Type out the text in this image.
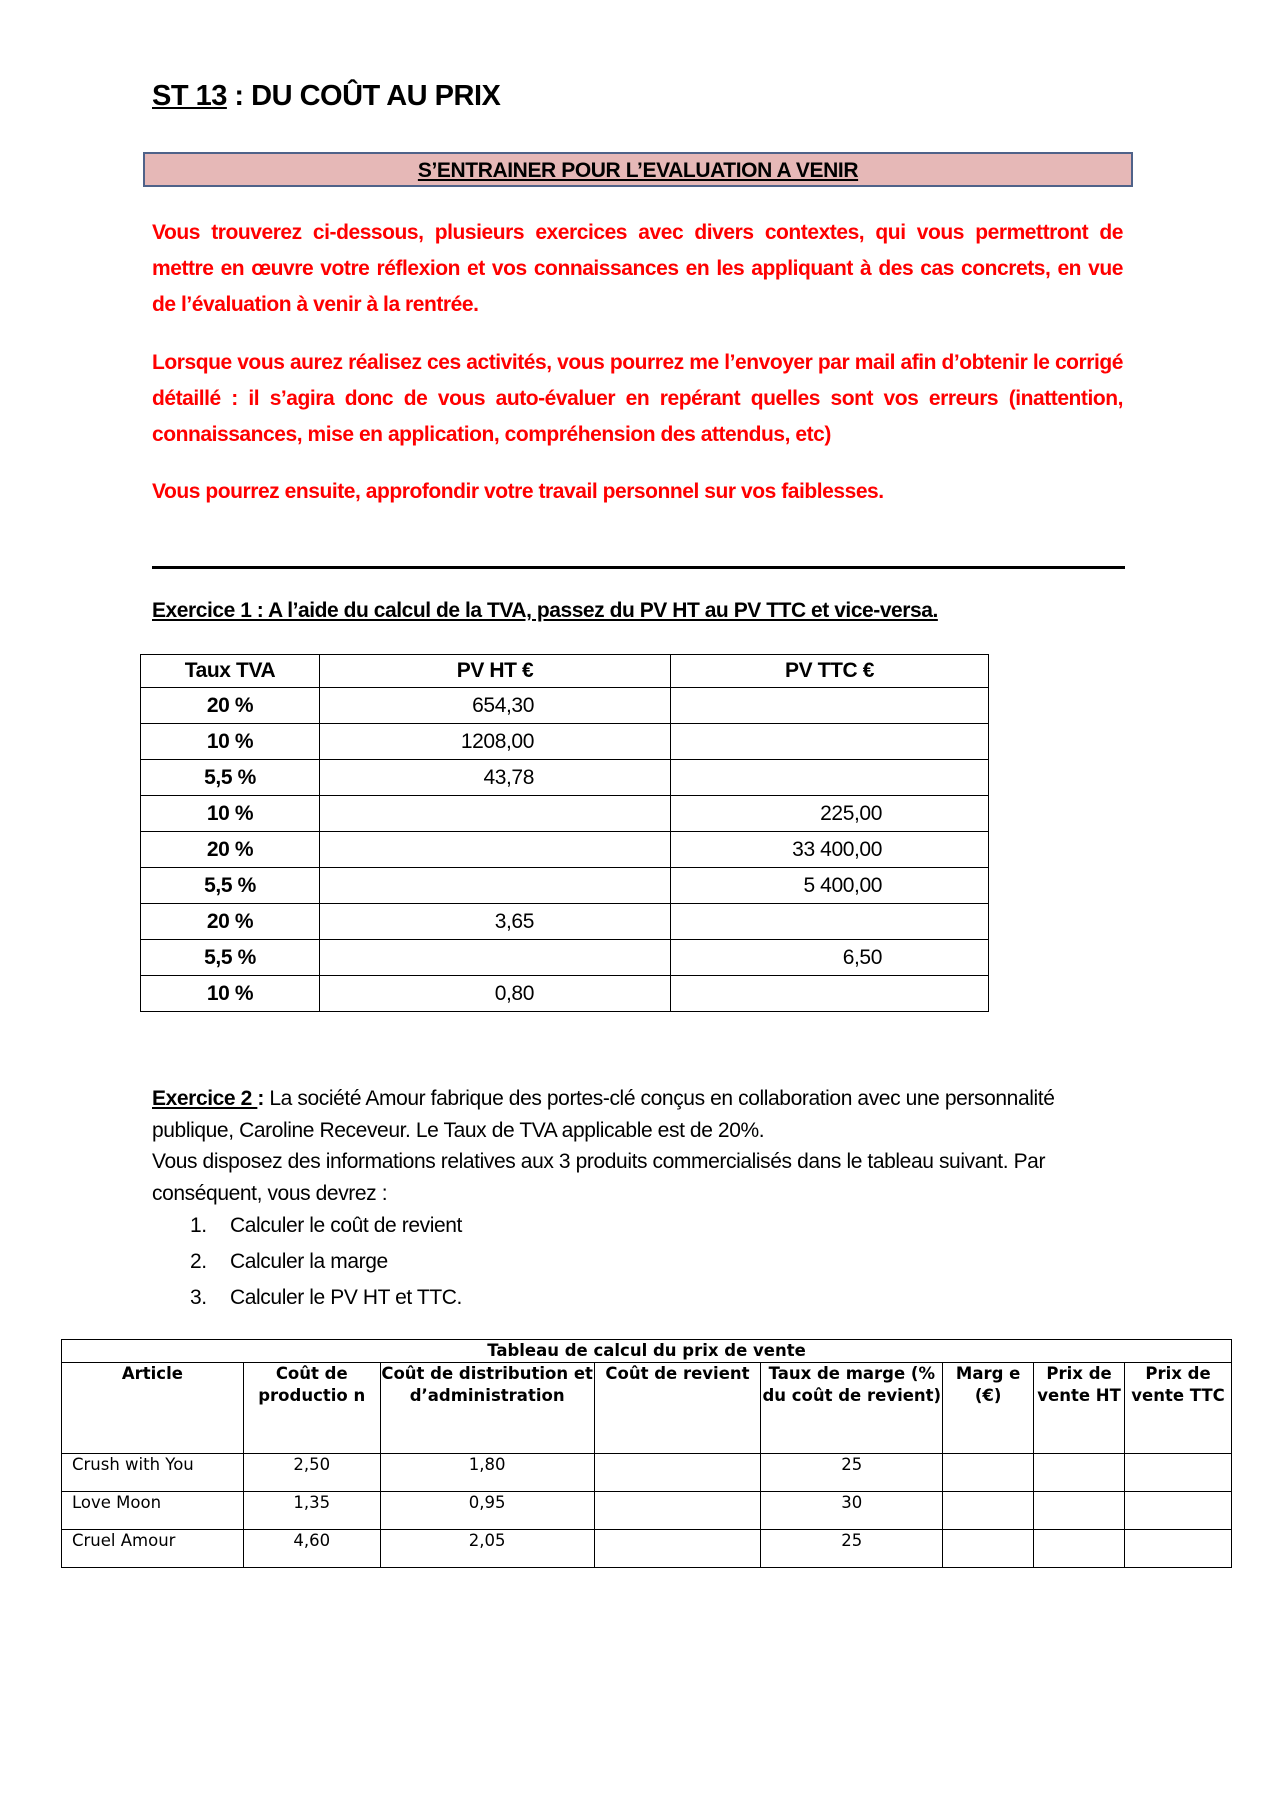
ST 13 : DU COÛT AU PRIX
S’ENTRAINER POUR L’EVALUATION A VENIR
Vous trouverez ci-dessous, plusieurs exercices avec divers contextes, qui vous permettront de mettre en œuvre votre réflexion et vos connaissances en les appliquant à des cas concrets, en vue de l’évaluation à venir à la rentrée.
Lorsque vous aurez réalisez ces activités, vous pourrez me l’envoyer par mail afin d’obtenir le corrigé détaillé : il s’agira donc de vous auto-évaluer en repérant quelles sont vos erreurs (inattention, connaissances, mise en application, compréhension des attendus, etc)
Vous pourrez ensuite, approfondir votre travail personnel sur vos faiblesses.
Exercice 1 : A l’aide du calcul de la TVA, passez du PV HT au PV TTC et vice-versa.
Taux TVA	PV HT €	PV TTC €
20 %	654,30	
10 %	1208,00	
5,5 %	43,78	
10 %		225,00
20 %		33 400,00
5,5 %		5 400,00
20 %	3,65	
5,5 %		6,50
10 %	0,80	
Exercice 2 : La société Amour fabrique des portes-clé conçus en collaboration avec une personnalité publique, Caroline Receveur. Le Taux de TVA applicable est de 20%.
Vous disposez des informations relatives aux 3 produits commercialisés dans le tableau suivant. Par conséquent, vous devrez :
1. Calculer le coût de revient
2. Calculer la marge
3. Calculer le PV HT et TTC.
Tableau de calcul du prix de vente							
Article	Coût de productio n	Coût de distribution et d’administration	Coût de revient	Taux de marge (% du coût de revient)	Marg e (€)	Prix de vente HT	Prix de vente TTC
Crush with You	2,50	1,80		25			
Love Moon	1,35	0,95		30			
Cruel Amour	4,60	2,05		25			
